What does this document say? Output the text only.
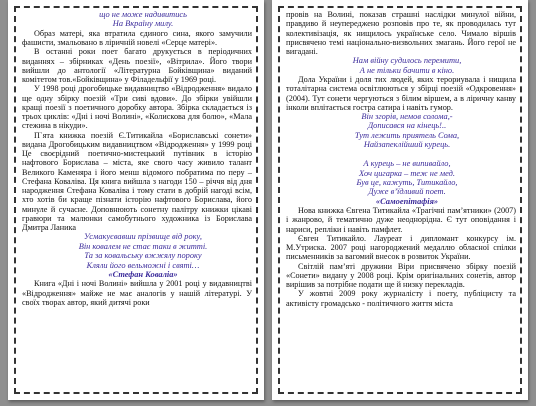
що не може надивитись

На Вкраїну милу.

Образ матері, яка втратила єдиного сина, якого замучили фашисти, змальовано в ліричній новелі «Серце матері».

В останні роки поет багато друкується в періодичних виданнях – збірниках «День поезії», «Вітрила». Його твори вийшли до антології «Літературна Бойківщина» виданий комітетом тов.«Бойківщина» у Філадельфії у 1969 році.

У 1998 році дрогобицьке видавництво «Відродження» видало ще одну збірку поезій «Три сиві вдови». До збірки увійшли кращі поезії з поетичного доробку автора. Збірка складається із трьох циклів: «Дні і ночі Волині», «Колискова для болю», «Мала стежина в нікуди».

П`ята книжка поезій Є.Титикайла «Бориславські сонети» видана Дрогобицьким видавництвом «Відродження» у 1999 році Це своєрідний поетично-мистецький путівник в історію нафтового Борислава – міста, яке свого часу живило талант Великого Каменяра і його менш відомого побратима по перу – Стефана Коваліва. Ця книга вийшла з нагоди 150 – річчя від дня народження Стефана Коваліва і тому стати в добрій нагоді всім, хто хотів би краще пізнати історію нафтового Борислава, його минуле й сучасне. Доповнюють сонетну палітру книжки цікаві гравюри та малюнки самобутнього художника із Борислава Дмитра Ланика

Усмакуєвавши прізвище від року,

Він ковалем не стає таки в житті.

Та за ковальську вжжялу пороку

Кляли його вельможні і святі…

«Стефан Коваліа»

Книга «Дні і ночі Волині» вийшла у 2001 році у видавництві «Відродження» майже не має аналогів у нашій літературі. У своїх творах автор, який дитячі роки

провів на Волині, показав страшні наслідки минулої війни, правдиво й неупереджено розповів про те, як проводилась тут колективізація, як нищилось українське село. Чимало віршів присвячено темі національно-визвольних змагань. Його герої не вигадані.

Нам війну судилось перемити,

А не тільки бачити в кіно.

Дола України і доля тих людей, яких терориувала і нищила тоталітарна система освітлюються у збірці поезій «Одкровення» (2004). Тут сонети чергуються з білим віршем, а в ліричну канву інколи вплітається гостра сатира і навіть гумор.

Він згорів, немов солома,-

Дописався на кінець!..

Тут лежить приятель Сома,

Найзапеклійший курець.

А курець – не випивайло,

Хоч цигарка – теж не мед.

Був це, кажуть, Титикайло,

Дуже в’їдливий поет.

«Самоепітафія»

Нова книжка Євгена Титикайла «Трагічні пам’ятники» (2007) і жанрово, й тематично дуже неоднорідна. Є тут оповідання і нариси, репліки і навіть памфлет.

Євген Титикайло. Лауреат і дипломант конкурсу ім. М.Утриска. 2007 році нагороджений медаллю обласної спілки письменників за вагомий внесок в розвиток України.

Світлій пам’яті дружини Віри присвячено збірку поезій «Сонети» видану у 2008 році. Крім оригінальних сонетів, автор вирішив за потрібне подати ще й низку перекладів.

У жовтні 2009 року журналісту і поету, публіцисту та активісту громадсько - політичного життя міста
